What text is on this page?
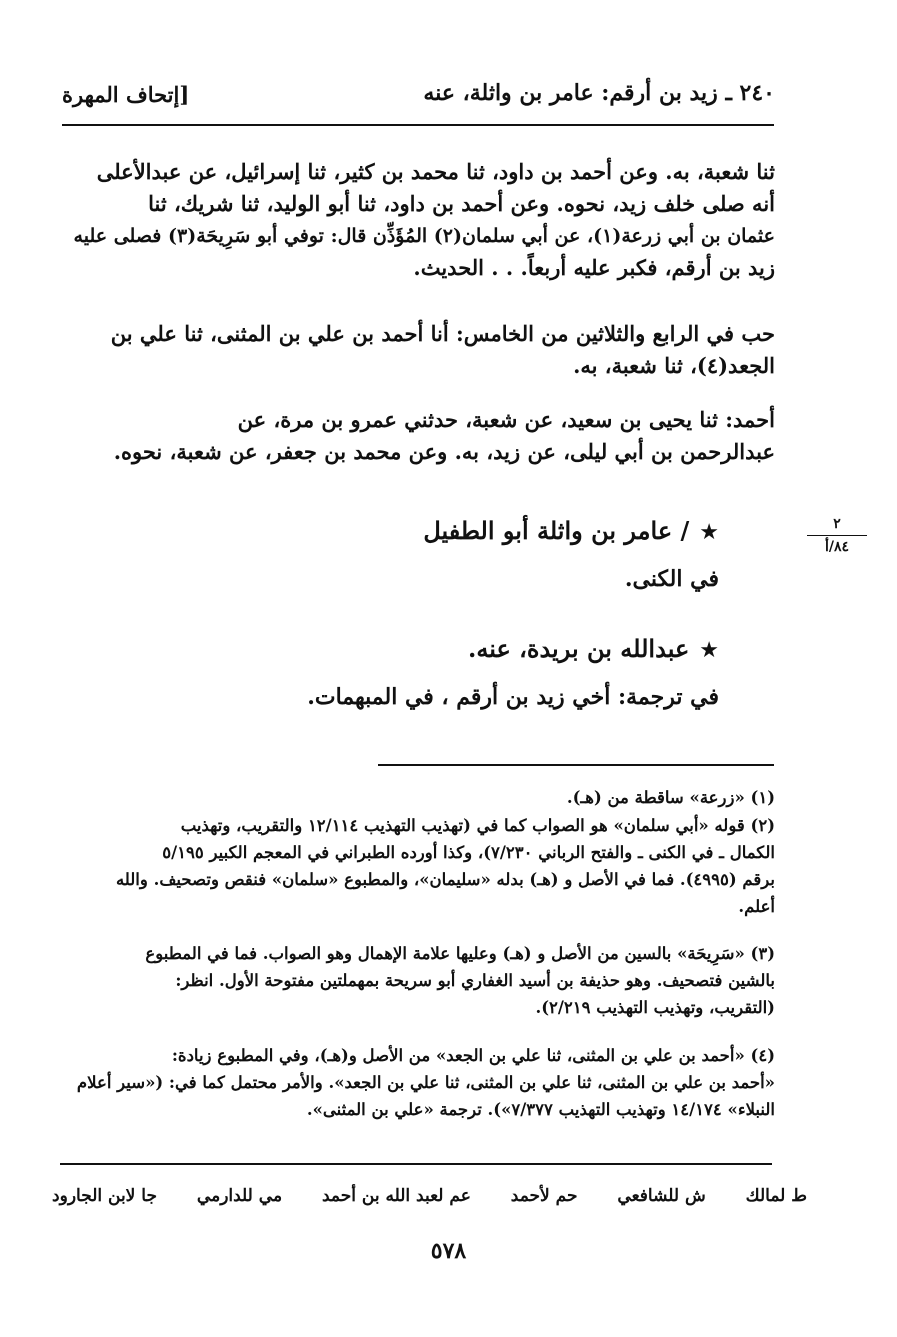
٢٤٠ ـ زيد بن أرقم: عامر بن واثلة، عنه
[إتحاف المهرة
ثنا شعبة، به. وعن أحمد بن داود، ثنا محمد بن كثير، ثنا إسرائيل، عن عبدالأعلى
أنه صلى خلف زيد، نحوه. وعن أحمد بن داود، ثنا أبو الوليد، ثنا شريك، ثنا
عثمان بن أبي زرعة(١)، عن أبي سلمان(٢) المُؤَذِّن قال: توفي أبو سَرِيحَة(٣) فصلى عليه
زيد بن أرقم، فكبر عليه أربعاً. . . الحديث.
حب في الرابع والثلاثين من الخامس: أنا أحمد بن علي بن المثنى، ثنا علي بن
الجعد(٤)، ثنا شعبة، به.
أحمد: ثنا يحيى بن سعيد، عن شعبة، حدثني عمرو بن مرة، عن
عبدالرحمن بن أبي ليلى، عن زيد، به. وعن محمد بن جعفر، عن شعبة، نحوه.
★/ عامر بن واثلة أبو الطفيل
في الكنى.
٢
٨٤/أ
★عبدالله بن بريدة، عنه.
في ترجمة: أخي زيد بن أرقم ، في المبهمات.
(١) «زرعة» ساقطة من (هـ).
(٢) قوله «أبي سلمان» هو الصواب كما في (تهذيب التهذيب ١٢/١١٤ والتقريب، وتهذيب
الكمال ـ في الكنى ـ والفتح الرباني ٧/٢٣٠)، وكذا أورده الطبراني في المعجم الكبير ٥/١٩٥
برقم (٤٩٩٥). فما في الأصل و (هـ) بدله «سليمان»، والمطبوع «سلمان» فنقص وتصحيف. والله
أعلم.
(٣) «سَرِيحَة» بالسين من الأصل و (هـ) وعليها علامة الإهمال وهو الصواب. فما في المطبوع
بالشين فتصحيف. وهو حذيفة بن أسيد الغفاري أبو سريحة بمهملتين مفتوحة الأول. انظر:
(التقريب، وتهذيب التهذيب ٢/٢١٩).
(٤) «أحمد بن علي بن المثنى، ثنا علي بن الجعد» من الأصل و(هـ)، وفي المطبوع زيادة:
«أحمد بن علي بن المثنى، ثنا علي بن المثنى، ثنا علي بن الجعد». والأمر محتمل كما في: («سير أعلام
النبلاء» ١٤/١٧٤ وتهذيب التهذيب ٧/٣٧٧»). ترجمة «علي بن المثنى».
ط لمالك
ش للشافعي
حم لأحمد
عم لعبد الله بن أحمد
مي للدارمي
جا لابن الجارود
٥٧٨
